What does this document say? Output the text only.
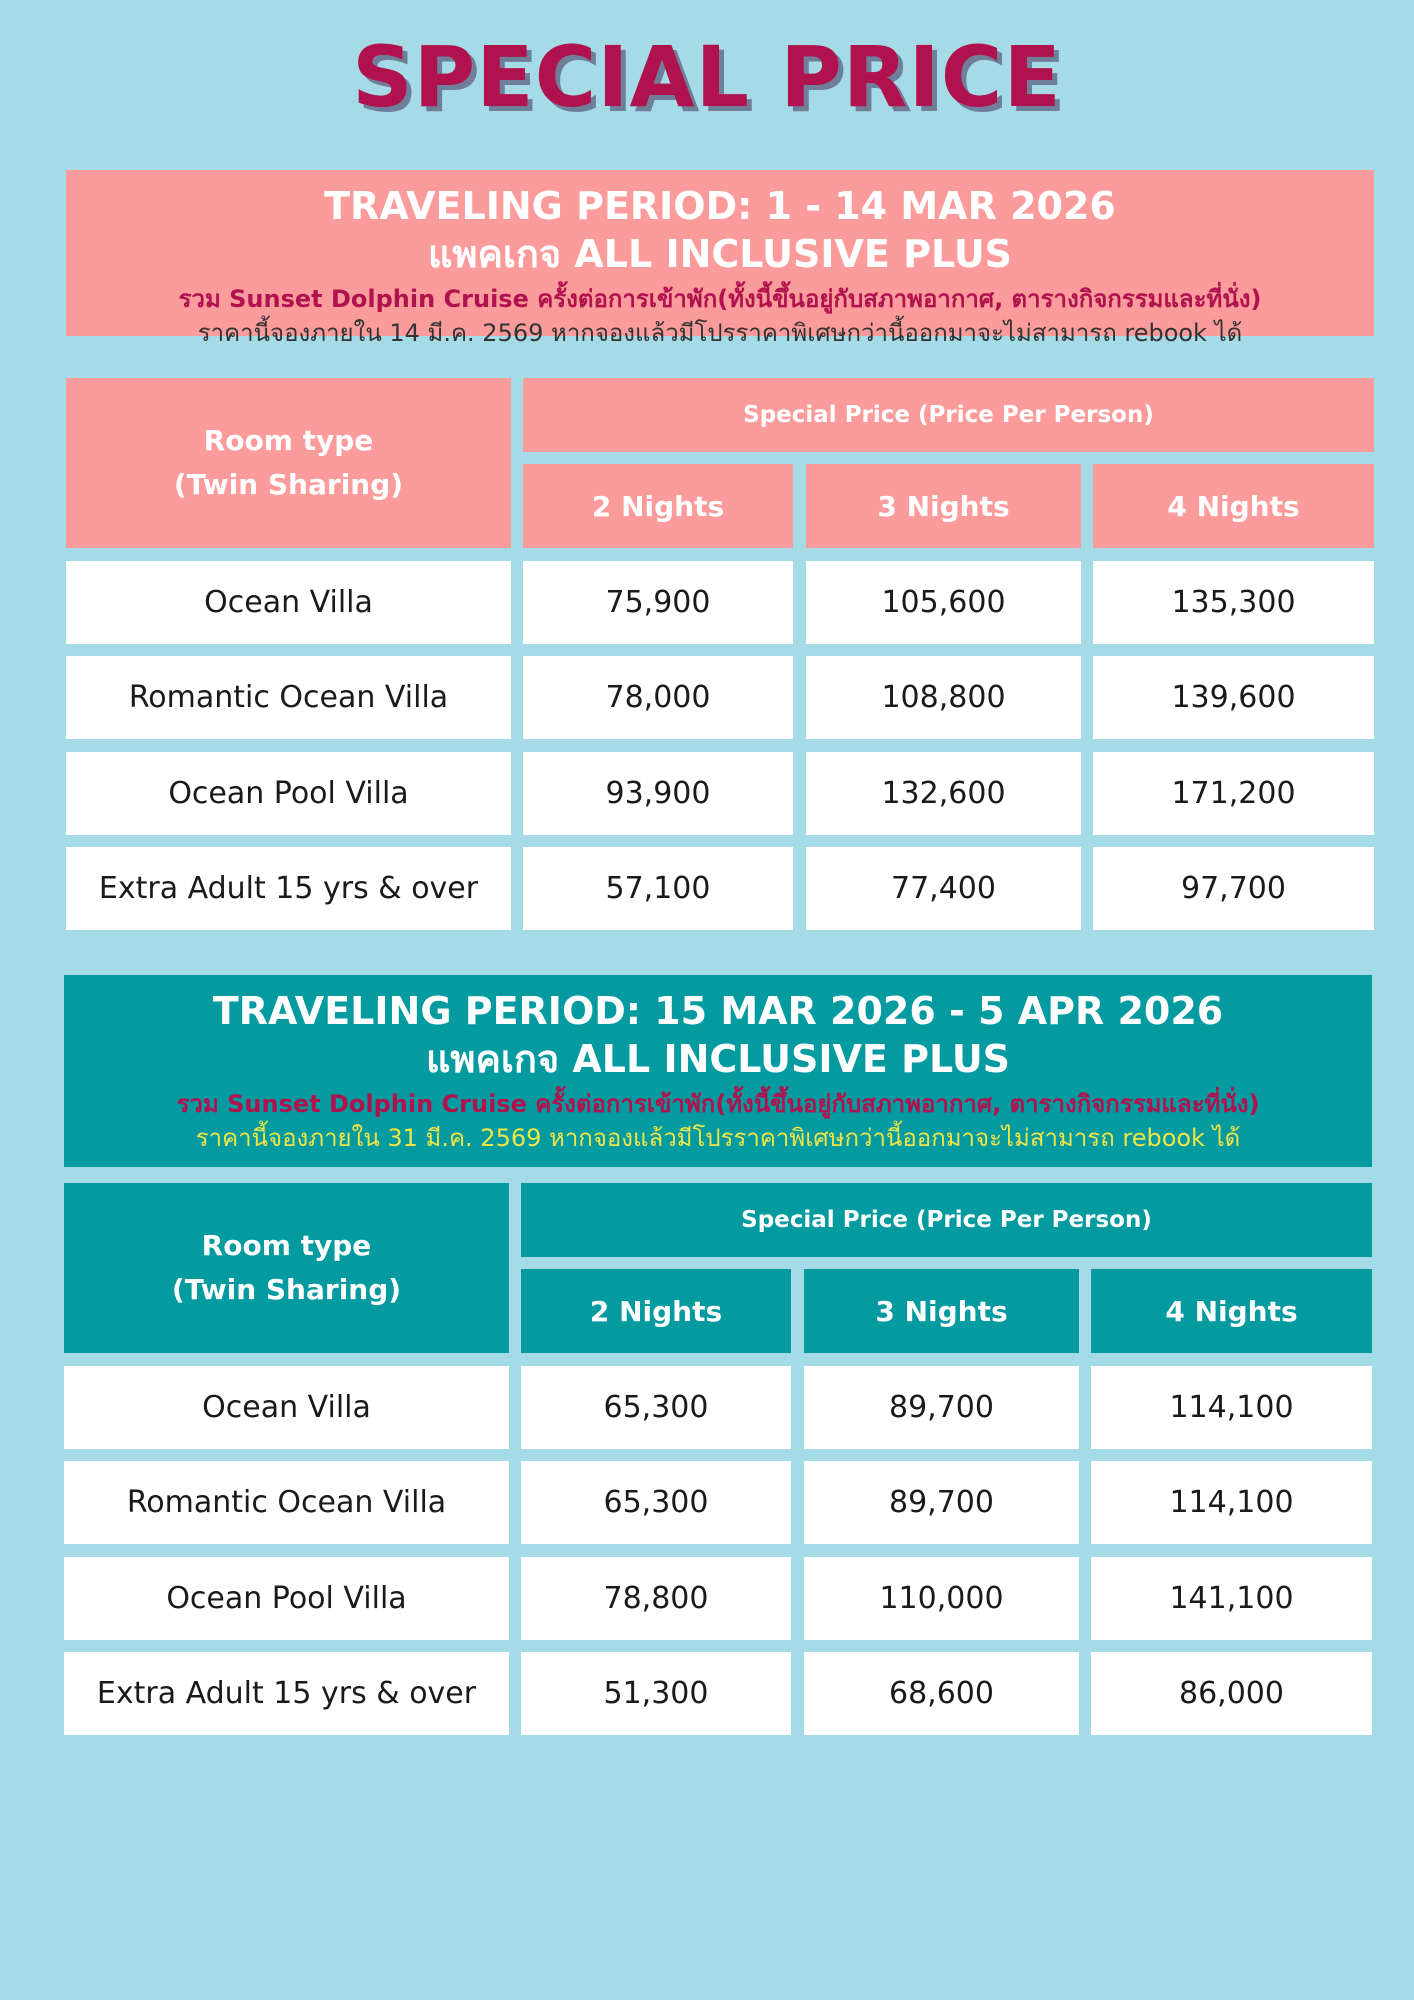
SPECIAL PRICE
TRAVELING PERIOD: 1 - 14 MAR 2026
แพคเกจ ALL INCLUSIVE PLUS
รวม Sunset Dolphin Cruise ครั้งต่อการเข้าพัก(ทั้งนี้ขึ้นอยู่กับสภาพอากาศ, ตารางกิจกรรมและที่นั่ง)
ราคานี้จองภายใน 14 มี.ค. 2569 หากจองแล้วมีโปรราคาพิเศษกว่านี้ออกมาจะไม่สามารถ rebook ได้
Room type
(Twin Sharing)
Special Price (Price Per Person)
2 Nights	3 Nights	4 Nights
Ocean Villa	75,900	105,600	135,300
Romantic Ocean Villa	78,000	108,800	139,600
Ocean Pool Villa	93,900	132,600	171,200
Extra Adult 15 yrs & over	57,100	77,400	97,700
TRAVELING PERIOD: 15 MAR 2026 - 5 APR 2026
แพคเกจ ALL INCLUSIVE PLUS
รวม Sunset Dolphin Cruise ครั้งต่อการเข้าพัก(ทั้งนี้ขึ้นอยู่กับสภาพอากาศ, ตารางกิจกรรมและที่นั่ง)
ราคานี้จองภายใน 31 มี.ค. 2569 หากจองแล้วมีโปรราคาพิเศษกว่านี้ออกมาจะไม่สามารถ rebook ได้
Room type
(Twin Sharing)
Special Price (Price Per Person)
2 Nights	3 Nights	4 Nights
Ocean Villa	65,300	89,700	114,100
Romantic Ocean Villa	65,300	89,700	114,100
Ocean Pool Villa	78,800	110,000	141,100
Extra Adult 15 yrs & over	51,300	68,600	86,000
